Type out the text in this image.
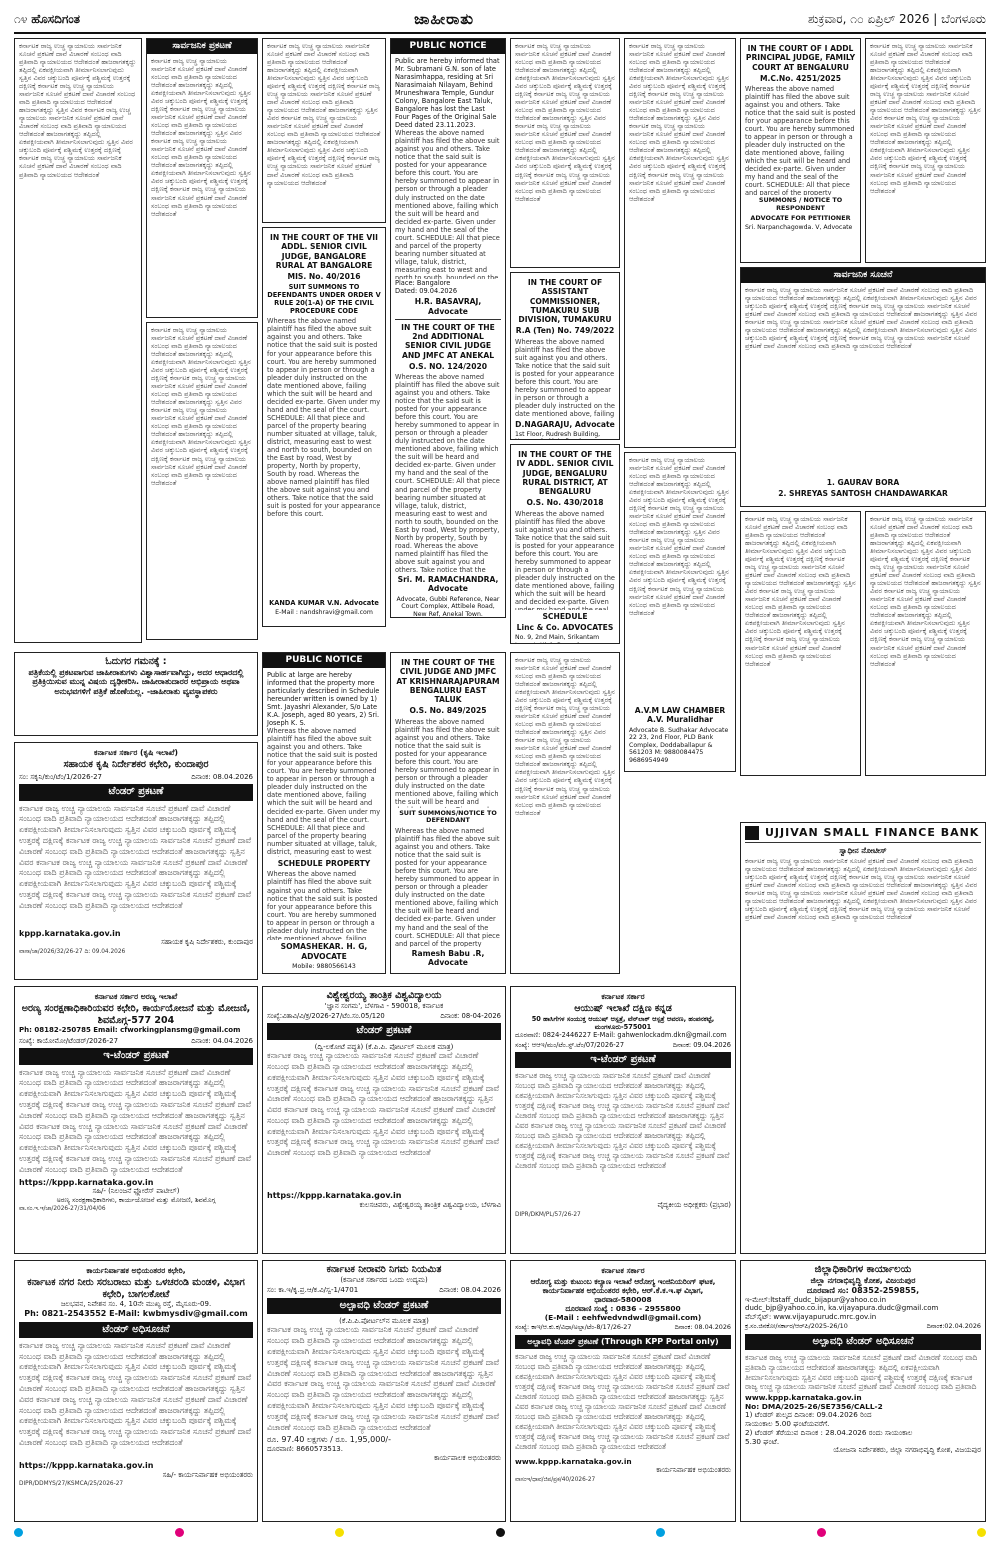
೧೪ ಹೊಸದಿಗಂತ	ಜಾಹೀರಾತು	ಶುಕ್ರವಾರ, ೧೦ ಏಪ್ರಿಲ್ 2026 | ಬೆಂಗಳೂರು
ಕರ್ನಾಟಕ ರಾಜ್ಯ ಉಚ್ಚ ನ್ಯಾಯಾಲಯ ಸಾರ್ವಜನಿಕ ಸೂಚನೆ ಪ್ರಕಟಣೆ ದಾವೆ ವಿಚಾರಣೆ ಸಂಬಂಧ ವಾದಿ ಪ್ರತಿವಾದಿ ನ್ಯಾಯಾಲಯದ ಆದೇಶದಂತೆ ಹಾಜರಾಗತಕ್ಕದ್ದು ತಪ್ಪಿದಲ್ಲಿ ಏಕಪಕ್ಷೀಯವಾಗಿ ತೀರ್ಮಾನಿಸಲಾಗುವುದು ಸ್ವತ್ತಿನ ವಿವರ ಚಕ್ಕುಬಂದಿ ಪೂರ್ವಕ್ಕೆ ಪಶ್ಚಿಮಕ್ಕೆ ಉತ್ತರಕ್ಕೆ ದಕ್ಷಿಣಕ್ಕೆ ಕರ್ನಾಟಕ ರಾಜ್ಯ ಉಚ್ಚ ನ್ಯಾಯಾಲಯ ಸಾರ್ವಜನಿಕ ಸೂಚನೆ ಪ್ರಕಟಣೆ ದಾವೆ ವಿಚಾರಣೆ ಸಂಬಂಧ ವಾದಿ ಪ್ರತಿವಾದಿ ನ್ಯಾಯಾಲಯದ ಆದೇಶದಂತೆ ಹಾಜರಾಗತಕ್ಕದ್ದು ಸ್ವತ್ತಿನ ವಿವರ ಕರ್ನಾಟಕ ರಾಜ್ಯ ಉಚ್ಚ ನ್ಯಾಯಾಲಯ ಸಾರ್ವಜನಿಕ ಸೂಚನೆ ಪ್ರಕಟಣೆ ದಾವೆ ವಿಚಾರಣೆ ಸಂಬಂಧ ವಾದಿ ಪ್ರತಿವಾದಿ ನ್ಯಾಯಾಲಯದ ಆದೇಶದಂತೆ ಹಾಜರಾಗತಕ್ಕದ್ದು ತಪ್ಪಿದಲ್ಲಿ ಏಕಪಕ್ಷೀಯವಾಗಿ ತೀರ್ಮಾನಿಸಲಾಗುವುದು ಸ್ವತ್ತಿನ ವಿವರ ಚಕ್ಕುಬಂದಿ ಪೂರ್ವಕ್ಕೆ ಪಶ್ಚಿಮಕ್ಕೆ ಉತ್ತರಕ್ಕೆ ದಕ್ಷಿಣಕ್ಕೆ ಕರ್ನಾಟಕ ರಾಜ್ಯ ಉಚ್ಚ ನ್ಯಾಯಾಲಯ ಸಾರ್ವಜನಿಕ ಸೂಚನೆ ಪ್ರಕಟಣೆ ದಾವೆ ವಿಚಾರಣೆ ಸಂಬಂಧ ವಾದಿ ಪ್ರತಿವಾದಿ ನ್ಯಾಯಾಲಯದ ಆದೇಶದಂತೆ
ಸಾರ್ವಜನಿಕ ಪ್ರಕಟಣೆ
ಕರ್ನಾಟಕ ರಾಜ್ಯ ಉಚ್ಚ ನ್ಯಾಯಾಲಯ ಸಾರ್ವಜನಿಕ ಸೂಚನೆ ಪ್ರಕಟಣೆ ದಾವೆ ವಿಚಾರಣೆ ಸಂಬಂಧ ವಾದಿ ಪ್ರತಿವಾದಿ ನ್ಯಾಯಾಲಯದ ಆದೇಶದಂತೆ ಹಾಜರಾಗತಕ್ಕದ್ದು ತಪ್ಪಿದಲ್ಲಿ ಏಕಪಕ್ಷೀಯವಾಗಿ ತೀರ್ಮಾನಿಸಲಾಗುವುದು ಸ್ವತ್ತಿನ ವಿವರ ಚಕ್ಕುಬಂದಿ ಪೂರ್ವಕ್ಕೆ ಪಶ್ಚಿಮಕ್ಕೆ ಉತ್ತರಕ್ಕೆ ದಕ್ಷಿಣಕ್ಕೆ ಕರ್ನಾಟಕ ರಾಜ್ಯ ಉಚ್ಚ ನ್ಯಾಯಾಲಯ ಸಾರ್ವಜನಿಕ ಸೂಚನೆ ಪ್ರಕಟಣೆ ದಾವೆ ವಿಚಾರಣೆ ಸಂಬಂಧ ವಾದಿ ಪ್ರತಿವಾದಿ ನ್ಯಾಯಾಲಯದ ಆದೇಶದಂತೆ ಹಾಜರಾಗತಕ್ಕದ್ದು ಸ್ವತ್ತಿನ ವಿವರ ಕರ್ನಾಟಕ ರಾಜ್ಯ ಉಚ್ಚ ನ್ಯಾಯಾಲಯ ಸಾರ್ವಜನಿಕ ಸೂಚನೆ ಪ್ರಕಟಣೆ ದಾವೆ ವಿಚಾರಣೆ ಸಂಬಂಧ ವಾದಿ ಪ್ರತಿವಾದಿ ನ್ಯಾಯಾಲಯದ ಆದೇಶದಂತೆ ಹಾಜರಾಗತಕ್ಕದ್ದು ತಪ್ಪಿದಲ್ಲಿ ಏಕಪಕ್ಷೀಯವಾಗಿ ತೀರ್ಮಾನಿಸಲಾಗುವುದು ಸ್ವತ್ತಿನ ವಿವರ ಚಕ್ಕುಬಂದಿ ಪೂರ್ವಕ್ಕೆ ಪಶ್ಚಿಮಕ್ಕೆ ಉತ್ತರಕ್ಕೆ ದಕ್ಷಿಣಕ್ಕೆ ಕರ್ನಾಟಕ ರಾಜ್ಯ ಉಚ್ಚ ನ್ಯಾಯಾಲಯ ಸಾರ್ವಜನಿಕ ಸೂಚನೆ ಪ್ರಕಟಣೆ ದಾವೆ ವಿಚಾರಣೆ ಸಂಬಂಧ ವಾದಿ ಪ್ರತಿವಾದಿ ನ್ಯಾಯಾಲಯದ ಆದೇಶದಂತೆ
ಕರ್ನಾಟಕ ರಾಜ್ಯ ಉಚ್ಚ ನ್ಯಾಯಾಲಯ ಸಾರ್ವಜನಿಕ ಸೂಚನೆ ಪ್ರಕಟಣೆ ದಾವೆ ವಿಚಾರಣೆ ಸಂಬಂಧ ವಾದಿ ಪ್ರತಿವಾದಿ ನ್ಯಾಯಾಲಯದ ಆದೇಶದಂತೆ ಹಾಜರಾಗತಕ್ಕದ್ದು ತಪ್ಪಿದಲ್ಲಿ ಏಕಪಕ್ಷೀಯವಾಗಿ ತೀರ್ಮಾನಿಸಲಾಗುವುದು ಸ್ವತ್ತಿನ ವಿವರ ಚಕ್ಕುಬಂದಿ ಪೂರ್ವಕ್ಕೆ ಪಶ್ಚಿಮಕ್ಕೆ ಉತ್ತರಕ್ಕೆ ದಕ್ಷಿಣಕ್ಕೆ ಕರ್ನಾಟಕ ರಾಜ್ಯ ಉಚ್ಚ ನ್ಯಾಯಾಲಯ ಸಾರ್ವಜನಿಕ ಸೂಚನೆ ಪ್ರಕಟಣೆ ದಾವೆ ವಿಚಾರಣೆ ಸಂಬಂಧ ವಾದಿ ಪ್ರತಿವಾದಿ ನ್ಯಾಯಾಲಯದ ಆದೇಶದಂತೆ ಹಾಜರಾಗತಕ್ಕದ್ದು ಸ್ವತ್ತಿನ ವಿವರ ಕರ್ನಾಟಕ ರಾಜ್ಯ ಉಚ್ಚ ನ್ಯಾಯಾಲಯ ಸಾರ್ವಜನಿಕ ಸೂಚನೆ ಪ್ರಕಟಣೆ ದಾವೆ ವಿಚಾರಣೆ ಸಂಬಂಧ ವಾದಿ ಪ್ರತಿವಾದಿ ನ್ಯಾಯಾಲಯದ ಆದೇಶದಂತೆ ಹಾಜರಾಗತಕ್ಕದ್ದು ತಪ್ಪಿದಲ್ಲಿ ಏಕಪಕ್ಷೀಯವಾಗಿ ತೀರ್ಮಾನಿಸಲಾಗುವುದು ಸ್ವತ್ತಿನ ವಿವರ ಚಕ್ಕುಬಂದಿ ಪೂರ್ವಕ್ಕೆ ಪಶ್ಚಿಮಕ್ಕೆ ಉತ್ತರಕ್ಕೆ ದಕ್ಷಿಣಕ್ಕೆ ಕರ್ನಾಟಕ ರಾಜ್ಯ ಉಚ್ಚ ನ್ಯಾಯಾಲಯ ಸಾರ್ವಜನಿಕ ಸೂಚನೆ ಪ್ರಕಟಣೆ ದಾವೆ ವಿಚಾರಣೆ ಸಂಬಂಧ ವಾದಿ ಪ್ರತಿವಾದಿ ನ್ಯಾಯಾಲಯದ ಆದೇಶದಂತೆ
ಕರ್ನಾಟಕ ರಾಜ್ಯ ಉಚ್ಚ ನ್ಯಾಯಾಲಯ ಸಾರ್ವಜನಿಕ ಸೂಚನೆ ಪ್ರಕಟಣೆ ದಾವೆ ವಿಚಾರಣೆ ಸಂಬಂಧ ವಾದಿ ಪ್ರತಿವಾದಿ ನ್ಯಾಯಾಲಯದ ಆದೇಶದಂತೆ ಹಾಜರಾಗತಕ್ಕದ್ದು ತಪ್ಪಿದಲ್ಲಿ ಏಕಪಕ್ಷೀಯವಾಗಿ ತೀರ್ಮಾನಿಸಲಾಗುವುದು ಸ್ವತ್ತಿನ ವಿವರ ಚಕ್ಕುಬಂದಿ ಪೂರ್ವಕ್ಕೆ ಪಶ್ಚಿಮಕ್ಕೆ ಉತ್ತರಕ್ಕೆ ದಕ್ಷಿಣಕ್ಕೆ ಕರ್ನಾಟಕ ರಾಜ್ಯ ಉಚ್ಚ ನ್ಯಾಯಾಲಯ ಸಾರ್ವಜನಿಕ ಸೂಚನೆ ಪ್ರಕಟಣೆ ದಾವೆ ವಿಚಾರಣೆ ಸಂಬಂಧ ವಾದಿ ಪ್ರತಿವಾದಿ ನ್ಯಾಯಾಲಯದ ಆದೇಶದಂತೆ ಹಾಜರಾಗತಕ್ಕದ್ದು ಸ್ವತ್ತಿನ ವಿವರ ಕರ್ನಾಟಕ ರಾಜ್ಯ ಉಚ್ಚ ನ್ಯಾಯಾಲಯ ಸಾರ್ವಜನಿಕ ಸೂಚನೆ ಪ್ರಕಟಣೆ ದಾವೆ ವಿಚಾರಣೆ ಸಂಬಂಧ ವಾದಿ ಪ್ರತಿವಾದಿ ನ್ಯಾಯಾಲಯದ ಆದೇಶದಂತೆ ಹಾಜರಾಗತಕ್ಕದ್ದು ತಪ್ಪಿದಲ್ಲಿ ಏಕಪಕ್ಷೀಯವಾಗಿ ತೀರ್ಮಾನಿಸಲಾಗುವುದು ಸ್ವತ್ತಿನ ವಿವರ ಚಕ್ಕುಬಂದಿ ಪೂರ್ವಕ್ಕೆ ಪಶ್ಚಿಮಕ್ಕೆ ಉತ್ತರಕ್ಕೆ ದಕ್ಷಿಣಕ್ಕೆ ಕರ್ನಾಟಕ ರಾಜ್ಯ ಉಚ್ಚ ನ್ಯಾಯಾಲಯ ಸಾರ್ವಜನಿಕ ಸೂಚನೆ ಪ್ರಕಟಣೆ ದಾವೆ ವಿಚಾರಣೆ ಸಂಬಂಧ ವಾದಿ ಪ್ರತಿವಾದಿ ನ್ಯಾಯಾಲಯದ ಆದೇಶದಂತೆ
IN THE COURT OF THE VII ADDL. SENIOR CIVIL JUDGE, BANGALORE RURAL AT BANGALORE
MIS. No. 40/2016
SUIT SUMMONS TO DEFENDANTS UNDER ORDER V RULE 20(1-A) OF THE CIVIL PROCEDURE CODE
Whereas the above named plaintiff has filed the above suit against you and others. Take notice that the said suit is posted for your appearance before this court. You are hereby summoned to appear in person or through a pleader duly instructed on the date mentioned above, failing which the suit will be heard and decided ex-parte. Given under my hand and the seal of the court. SCHEDULE: All that piece and parcel of the property bearing number situated at village, taluk, district, measuring east to west and north to south, bounded on the East by road, West by property, North by property, South by road. Whereas the above named plaintiff has filed the above suit against you and others. Take notice that the said suit is posted for your appearance before this court.
KANDA KUMAR V.N. Advocate
E-Mail : nandshravi@gmail.com
PUBLIC NOTICE
Public are hereby informed that Mr. Subramani G.N. son of late Narasimhappa, residing at Sri Narasimaiah Nilayam, Behind Mruneshwara Temple, Gundur Colony, Bangalore East Taluk, Bangalore has lost the Last Four Pages of the Original Sale Deed dated 23.11.2023.
Whereas the above named plaintiff has filed the above suit against you and others. Take notice that the said suit is posted for your appearance before this court. You are hereby summoned to appear in person or through a pleader duly instructed on the date mentioned above, failing which the suit will be heard and decided ex-parte. Given under my hand and the seal of the court. SCHEDULE: All that piece and parcel of the property bearing number situated at village, taluk, district, measuring east to west and north to south, bounded on the East by road, West by property, North by property, South by road. Whereas the above named plaintiff has filed the above suit against you and others. Take notice that the said suit is posted for your appearance before this court.
Place: Bangalore
Dated: 09.04.2026
H.R. BASAVRAJ, Advocate
IN THE COURT OF THE 2nd ADDITIONAL SENIOR CIVIL JUDGE AND JMFC AT ANEKAL
O.S. NO. 124/2020
Whereas the above named plaintiff has filed the above suit against you and others. Take notice that the said suit is posted for your appearance before this court. You are hereby summoned to appear in person or through a pleader duly instructed on the date mentioned above, failing which the suit will be heard and decided ex-parte. Given under my hand and the seal of the court. SCHEDULE: All that piece and parcel of the property bearing number situated at village, taluk, district, measuring east to west and north to south, bounded on the East by road, West by property, North by property, South by road. Whereas the above named plaintiff has filed the above suit against you and others. Take notice that the said suit is posted for your appearance before this court.
Sri. M. RAMACHANDRA, Advocate
Advocate, Gubbi Reference, Near Court Complex, Attibele Road, New Ref, Anekal Town.
ಕರ್ನಾಟಕ ರಾಜ್ಯ ಉಚ್ಚ ನ್ಯಾಯಾಲಯ ಸಾರ್ವಜನಿಕ ಸೂಚನೆ ಪ್ರಕಟಣೆ ದಾವೆ ವಿಚಾರಣೆ ಸಂಬಂಧ ವಾದಿ ಪ್ರತಿವಾದಿ ನ್ಯಾಯಾಲಯದ ಆದೇಶದಂತೆ ಹಾಜರಾಗತಕ್ಕದ್ದು ತಪ್ಪಿದಲ್ಲಿ ಏಕಪಕ್ಷೀಯವಾಗಿ ತೀರ್ಮಾನಿಸಲಾಗುವುದು ಸ್ವತ್ತಿನ ವಿವರ ಚಕ್ಕುಬಂದಿ ಪೂರ್ವಕ್ಕೆ ಪಶ್ಚಿಮಕ್ಕೆ ಉತ್ತರಕ್ಕೆ ದಕ್ಷಿಣಕ್ಕೆ ಕರ್ನಾಟಕ ರಾಜ್ಯ ಉಚ್ಚ ನ್ಯಾಯಾಲಯ ಸಾರ್ವಜನಿಕ ಸೂಚನೆ ಪ್ರಕಟಣೆ ದಾವೆ ವಿಚಾರಣೆ ಸಂಬಂಧ ವಾದಿ ಪ್ರತಿವಾದಿ ನ್ಯಾಯಾಲಯದ ಆದೇಶದಂತೆ ಹಾಜರಾಗತಕ್ಕದ್ದು ಸ್ವತ್ತಿನ ವಿವರ ಕರ್ನಾಟಕ ರಾಜ್ಯ ಉಚ್ಚ ನ್ಯಾಯಾಲಯ ಸಾರ್ವಜನಿಕ ಸೂಚನೆ ಪ್ರಕಟಣೆ ದಾವೆ ವಿಚಾರಣೆ ಸಂಬಂಧ ವಾದಿ ಪ್ರತಿವಾದಿ ನ್ಯಾಯಾಲಯದ ಆದೇಶದಂತೆ ಹಾಜರಾಗತಕ್ಕದ್ದು ತಪ್ಪಿದಲ್ಲಿ ಏಕಪಕ್ಷೀಯವಾಗಿ ತೀರ್ಮಾನಿಸಲಾಗುವುದು ಸ್ವತ್ತಿನ ವಿವರ ಚಕ್ಕುಬಂದಿ ಪೂರ್ವಕ್ಕೆ ಪಶ್ಚಿಮಕ್ಕೆ ಉತ್ತರಕ್ಕೆ ದಕ್ಷಿಣಕ್ಕೆ ಕರ್ನಾಟಕ ರಾಜ್ಯ ಉಚ್ಚ ನ್ಯಾಯಾಲಯ ಸಾರ್ವಜನಿಕ ಸೂಚನೆ ಪ್ರಕಟಣೆ ದಾವೆ ವಿಚಾರಣೆ ಸಂಬಂಧ ವಾದಿ ಪ್ರತಿವಾದಿ ನ್ಯಾಯಾಲಯದ ಆದೇಶದಂತೆ
IN THE COURT OF ASSISTANT COMMISSIONER, TUMAKURU SUB DIVISION, TUMAKURU
R.A (Ten) No. 749/2022
Whereas the above named plaintiff has filed the above suit against you and others. Take notice that the said suit is posted for your appearance before this court. You are hereby summoned to appear in person or through a pleader duly instructed on the date mentioned above, failing which the suit will be heard and decided ex-parte. Given under my hand and the seal of the court. SCHEDULE: All that piece and parcel of the property bearing number situated at village, taluk, district, measuring east to west and north to south, bounded on the East by road, West by property, North by property, South by road. Whereas the above named plaintiff has filed the above suit against you and others. Take notice that the said suit is posted for your appearance before this court.
D.NAGARAJU, Advocate
1st Floor, Rudresh Building,
IN THE COURT OF THE IV ADDL. SENIOR CIVIL JUDGE, BENGALURU RURAL DISTRICT, AT BENGALURU
O.S. No. 430/2018
Whereas the above named plaintiff has filed the above suit against you and others. Take notice that the said suit is posted for your appearance before this court. You are hereby summoned to appear in person or through a pleader duly instructed on the date mentioned above, failing which the suit will be heard and decided ex-parte. Given under my hand and the seal of the court. SCHEDULE: All that piece and parcel of the property bearing number situated at village, taluk, district, measuring east to west and north to south, bounded on the East by road, West by property, North by property, South by road. Whereas the above named plaintiff has filed the above suit against you and others. Take notice that the said suit is posted for your appearance before this court.
SCHEDULE
Linc & Co. ADVOCATES
No. 9, 2nd Main, Srikantam
ಕರ್ನಾಟಕ ರಾಜ್ಯ ಉಚ್ಚ ನ್ಯಾಯಾಲಯ ಸಾರ್ವಜನಿಕ ಸೂಚನೆ ಪ್ರಕಟಣೆ ದಾವೆ ವಿಚಾರಣೆ ಸಂಬಂಧ ವಾದಿ ಪ್ರತಿವಾದಿ ನ್ಯಾಯಾಲಯದ ಆದೇಶದಂತೆ ಹಾಜರಾಗತಕ್ಕದ್ದು ತಪ್ಪಿದಲ್ಲಿ ಏಕಪಕ್ಷೀಯವಾಗಿ ತೀರ್ಮಾನಿಸಲಾಗುವುದು ಸ್ವತ್ತಿನ ವಿವರ ಚಕ್ಕುಬಂದಿ ಪೂರ್ವಕ್ಕೆ ಪಶ್ಚಿಮಕ್ಕೆ ಉತ್ತರಕ್ಕೆ ದಕ್ಷಿಣಕ್ಕೆ ಕರ್ನಾಟಕ ರಾಜ್ಯ ಉಚ್ಚ ನ್ಯಾಯಾಲಯ ಸಾರ್ವಜನಿಕ ಸೂಚನೆ ಪ್ರಕಟಣೆ ದಾವೆ ವಿಚಾರಣೆ ಸಂಬಂಧ ವಾದಿ ಪ್ರತಿವಾದಿ ನ್ಯಾಯಾಲಯದ ಆದೇಶದಂತೆ ಹಾಜರಾಗತಕ್ಕದ್ದು ಸ್ವತ್ತಿನ ವಿವರ ಕರ್ನಾಟಕ ರಾಜ್ಯ ಉಚ್ಚ ನ್ಯಾಯಾಲಯ ಸಾರ್ವಜನಿಕ ಸೂಚನೆ ಪ್ರಕಟಣೆ ದಾವೆ ವಿಚಾರಣೆ ಸಂಬಂಧ ವಾದಿ ಪ್ರತಿವಾದಿ ನ್ಯಾಯಾಲಯದ ಆದೇಶದಂತೆ ಹಾಜರಾಗತಕ್ಕದ್ದು ತಪ್ಪಿದಲ್ಲಿ ಏಕಪಕ್ಷೀಯವಾಗಿ ತೀರ್ಮಾನಿಸಲಾಗುವುದು ಸ್ವತ್ತಿನ ವಿವರ ಚಕ್ಕುಬಂದಿ ಪೂರ್ವಕ್ಕೆ ಪಶ್ಚಿಮಕ್ಕೆ ಉತ್ತರಕ್ಕೆ ದಕ್ಷಿಣಕ್ಕೆ ಕರ್ನಾಟಕ ರಾಜ್ಯ ಉಚ್ಚ ನ್ಯಾಯಾಲಯ ಸಾರ್ವಜನಿಕ ಸೂಚನೆ ಪ್ರಕಟಣೆ ದಾವೆ ವಿಚಾರಣೆ ಸಂಬಂಧ ವಾದಿ ಪ್ರತಿವಾದಿ ನ್ಯಾಯಾಲಯದ ಆದೇಶದಂತೆ
ಕರ್ನಾಟಕ ರಾಜ್ಯ ಉಚ್ಚ ನ್ಯಾಯಾಲಯ ಸಾರ್ವಜನಿಕ ಸೂಚನೆ ಪ್ರಕಟಣೆ ದಾವೆ ವಿಚಾರಣೆ ಸಂಬಂಧ ವಾದಿ ಪ್ರತಿವಾದಿ ನ್ಯಾಯಾಲಯದ ಆದೇಶದಂತೆ ಹಾಜರಾಗತಕ್ಕದ್ದು ತಪ್ಪಿದಲ್ಲಿ ಏಕಪಕ್ಷೀಯವಾಗಿ ತೀರ್ಮಾನಿಸಲಾಗುವುದು ಸ್ವತ್ತಿನ ವಿವರ ಚಕ್ಕುಬಂದಿ ಪೂರ್ವಕ್ಕೆ ಪಶ್ಚಿಮಕ್ಕೆ ಉತ್ತರಕ್ಕೆ ದಕ್ಷಿಣಕ್ಕೆ ಕರ್ನಾಟಕ ರಾಜ್ಯ ಉಚ್ಚ ನ್ಯಾಯಾಲಯ ಸಾರ್ವಜನಿಕ ಸೂಚನೆ ಪ್ರಕಟಣೆ ದಾವೆ ವಿಚಾರಣೆ ಸಂಬಂಧ ವಾದಿ ಪ್ರತಿವಾದಿ ನ್ಯಾಯಾಲಯದ ಆದೇಶದಂತೆ ಹಾಜರಾಗತಕ್ಕದ್ದು ಸ್ವತ್ತಿನ ವಿವರ ಕರ್ನಾಟಕ ರಾಜ್ಯ ಉಚ್ಚ ನ್ಯಾಯಾಲಯ ಸಾರ್ವಜನಿಕ ಸೂಚನೆ ಪ್ರಕಟಣೆ ದಾವೆ ವಿಚಾರಣೆ ಸಂಬಂಧ ವಾದಿ ಪ್ರತಿವಾದಿ ನ್ಯಾಯಾಲಯದ ಆದೇಶದಂತೆ ಹಾಜರಾಗತಕ್ಕದ್ದು ತಪ್ಪಿದಲ್ಲಿ ಏಕಪಕ್ಷೀಯವಾಗಿ ತೀರ್ಮಾನಿಸಲಾಗುವುದು ಸ್ವತ್ತಿನ ವಿವರ ಚಕ್ಕುಬಂದಿ ಪೂರ್ವಕ್ಕೆ ಪಶ್ಚಿಮಕ್ಕೆ ಉತ್ತರಕ್ಕೆ ದಕ್ಷಿಣಕ್ಕೆ ಕರ್ನಾಟಕ ರಾಜ್ಯ ಉಚ್ಚ ನ್ಯಾಯಾಲಯ ಸಾರ್ವಜನಿಕ ಸೂಚನೆ ಪ್ರಕಟಣೆ ದಾವೆ ವಿಚಾರಣೆ ಸಂಬಂಧ ವಾದಿ ಪ್ರತಿವಾದಿ ನ್ಯಾಯಾಲಯದ ಆದೇಶದಂತೆ
A.V.M LAW CHAMBER A.V. Muralidhar
Advocate B. Sudhakar Advocate 22 23, 2nd Floor, PLD Bank Complex, Doddaballapur & 561203 M: 9880084475 9686954949
IN THE COURT OF I ADDL PRINCIPAL JUDGE, FAMILY COURT AT BENGALURU
M.C.No. 4251/2025
Whereas the above named plaintiff has filed the above suit against you and others. Take notice that the said suit is posted for your appearance before this court. You are hereby summoned to appear in person or through a pleader duly instructed on the date mentioned above, failing which the suit will be heard and decided ex-parte. Given under my hand and the seal of the court. SCHEDULE: All that piece and parcel of the property bearing number situated at village, taluk, district, measuring east to west and north to south, bounded on the East by road, West by property, North by property, South by road. Whereas the above named plaintiff has filed the above suit against you and others. Take notice that the said suit is posted for your appearance before this court.
SUMMONS / NOTICE TO RESPONDENT
ADVOCATE FOR PETITIONER
Sri. Narpanchagowda. V, Advocate
ಕರ್ನಾಟಕ ರಾಜ್ಯ ಉಚ್ಚ ನ್ಯಾಯಾಲಯ ಸಾರ್ವಜನಿಕ ಸೂಚನೆ ಪ್ರಕಟಣೆ ದಾವೆ ವಿಚಾರಣೆ ಸಂಬಂಧ ವಾದಿ ಪ್ರತಿವಾದಿ ನ್ಯಾಯಾಲಯದ ಆದೇಶದಂತೆ ಹಾಜರಾಗತಕ್ಕದ್ದು ತಪ್ಪಿದಲ್ಲಿ ಏಕಪಕ್ಷೀಯವಾಗಿ ತೀರ್ಮಾನಿಸಲಾಗುವುದು ಸ್ವತ್ತಿನ ವಿವರ ಚಕ್ಕುಬಂದಿ ಪೂರ್ವಕ್ಕೆ ಪಶ್ಚಿಮಕ್ಕೆ ಉತ್ತರಕ್ಕೆ ದಕ್ಷಿಣಕ್ಕೆ ಕರ್ನಾಟಕ ರಾಜ್ಯ ಉಚ್ಚ ನ್ಯಾಯಾಲಯ ಸಾರ್ವಜನಿಕ ಸೂಚನೆ ಪ್ರಕಟಣೆ ದಾವೆ ವಿಚಾರಣೆ ಸಂಬಂಧ ವಾದಿ ಪ್ರತಿವಾದಿ ನ್ಯಾಯಾಲಯದ ಆದೇಶದಂತೆ ಹಾಜರಾಗತಕ್ಕದ್ದು ಸ್ವತ್ತಿನ ವಿವರ ಕರ್ನಾಟಕ ರಾಜ್ಯ ಉಚ್ಚ ನ್ಯಾಯಾಲಯ ಸಾರ್ವಜನಿಕ ಸೂಚನೆ ಪ್ರಕಟಣೆ ದಾವೆ ವಿಚಾರಣೆ ಸಂಬಂಧ ವಾದಿ ಪ್ರತಿವಾದಿ ನ್ಯಾಯಾಲಯದ ಆದೇಶದಂತೆ ಹಾಜರಾಗತಕ್ಕದ್ದು ತಪ್ಪಿದಲ್ಲಿ ಏಕಪಕ್ಷೀಯವಾಗಿ ತೀರ್ಮಾನಿಸಲಾಗುವುದು ಸ್ವತ್ತಿನ ವಿವರ ಚಕ್ಕುಬಂದಿ ಪೂರ್ವಕ್ಕೆ ಪಶ್ಚಿಮಕ್ಕೆ ಉತ್ತರಕ್ಕೆ ದಕ್ಷಿಣಕ್ಕೆ ಕರ್ನಾಟಕ ರಾಜ್ಯ ಉಚ್ಚ ನ್ಯಾಯಾಲಯ ಸಾರ್ವಜನಿಕ ಸೂಚನೆ ಪ್ರಕಟಣೆ ದಾವೆ ವಿಚಾರಣೆ ಸಂಬಂಧ ವಾದಿ ಪ್ರತಿವಾದಿ ನ್ಯಾಯಾಲಯದ ಆದೇಶದಂತೆ
ಸಾರ್ವಜನಿಕ ಸೂಚನೆ
ಕರ್ನಾಟಕ ರಾಜ್ಯ ಉಚ್ಚ ನ್ಯಾಯಾಲಯ ಸಾರ್ವಜನಿಕ ಸೂಚನೆ ಪ್ರಕಟಣೆ ದಾವೆ ವಿಚಾರಣೆ ಸಂಬಂಧ ವಾದಿ ಪ್ರತಿವಾದಿ ನ್ಯಾಯಾಲಯದ ಆದೇಶದಂತೆ ಹಾಜರಾಗತಕ್ಕದ್ದು ತಪ್ಪಿದಲ್ಲಿ ಏಕಪಕ್ಷೀಯವಾಗಿ ತೀರ್ಮಾನಿಸಲಾಗುವುದು ಸ್ವತ್ತಿನ ವಿವರ ಚಕ್ಕುಬಂದಿ ಪೂರ್ವಕ್ಕೆ ಪಶ್ಚಿಮಕ್ಕೆ ಉತ್ತರಕ್ಕೆ ದಕ್ಷಿಣಕ್ಕೆ ಕರ್ನಾಟಕ ರಾಜ್ಯ ಉಚ್ಚ ನ್ಯಾಯಾಲಯ ಸಾರ್ವಜನಿಕ ಸೂಚನೆ ಪ್ರಕಟಣೆ ದಾವೆ ವಿಚಾರಣೆ ಸಂಬಂಧ ವಾದಿ ಪ್ರತಿವಾದಿ ನ್ಯಾಯಾಲಯದ ಆದೇಶದಂತೆ ಹಾಜರಾಗತಕ್ಕದ್ದು ಸ್ವತ್ತಿನ ವಿವರ ಕರ್ನಾಟಕ ರಾಜ್ಯ ಉಚ್ಚ ನ್ಯಾಯಾಲಯ ಸಾರ್ವಜನಿಕ ಸೂಚನೆ ಪ್ರಕಟಣೆ ದಾವೆ ವಿಚಾರಣೆ ಸಂಬಂಧ ವಾದಿ ಪ್ರತಿವಾದಿ ನ್ಯಾಯಾಲಯದ ಆದೇಶದಂತೆ ಹಾಜರಾಗತಕ್ಕದ್ದು ತಪ್ಪಿದಲ್ಲಿ ಏಕಪಕ್ಷೀಯವಾಗಿ ತೀರ್ಮಾನಿಸಲಾಗುವುದು ಸ್ವತ್ತಿನ ವಿವರ ಚಕ್ಕುಬಂದಿ ಪೂರ್ವಕ್ಕೆ ಪಶ್ಚಿಮಕ್ಕೆ ಉತ್ತರಕ್ಕೆ ದಕ್ಷಿಣಕ್ಕೆ ಕರ್ನಾಟಕ ರಾಜ್ಯ ಉಚ್ಚ ನ್ಯಾಯಾಲಯ ಸಾರ್ವಜನಿಕ ಸೂಚನೆ ಪ್ರಕಟಣೆ ದಾವೆ ವಿಚಾರಣೆ ಸಂಬಂಧ ವಾದಿ ಪ್ರತಿವಾದಿ ನ್ಯಾಯಾಲಯದ ಆದೇಶದಂತೆ
1. GAURAV BORA
2. SHREYAS SANTOSH CHANDAWARKAR
ಕರ್ನಾಟಕ ರಾಜ್ಯ ಉಚ್ಚ ನ್ಯಾಯಾಲಯ ಸಾರ್ವಜನಿಕ ಸೂಚನೆ ಪ್ರಕಟಣೆ ದಾವೆ ವಿಚಾರಣೆ ಸಂಬಂಧ ವಾದಿ ಪ್ರತಿವಾದಿ ನ್ಯಾಯಾಲಯದ ಆದೇಶದಂತೆ ಹಾಜರಾಗತಕ್ಕದ್ದು ತಪ್ಪಿದಲ್ಲಿ ಏಕಪಕ್ಷೀಯವಾಗಿ ತೀರ್ಮಾನಿಸಲಾಗುವುದು ಸ್ವತ್ತಿನ ವಿವರ ಚಕ್ಕುಬಂದಿ ಪೂರ್ವಕ್ಕೆ ಪಶ್ಚಿಮಕ್ಕೆ ಉತ್ತರಕ್ಕೆ ದಕ್ಷಿಣಕ್ಕೆ ಕರ್ನಾಟಕ ರಾಜ್ಯ ಉಚ್ಚ ನ್ಯಾಯಾಲಯ ಸಾರ್ವಜನಿಕ ಸೂಚನೆ ಪ್ರಕಟಣೆ ದಾವೆ ವಿಚಾರಣೆ ಸಂಬಂಧ ವಾದಿ ಪ್ರತಿವಾದಿ ನ್ಯಾಯಾಲಯದ ಆದೇಶದಂತೆ ಹಾಜರಾಗತಕ್ಕದ್ದು ಸ್ವತ್ತಿನ ವಿವರ ಕರ್ನಾಟಕ ರಾಜ್ಯ ಉಚ್ಚ ನ್ಯಾಯಾಲಯ ಸಾರ್ವಜನಿಕ ಸೂಚನೆ ಪ್ರಕಟಣೆ ದಾವೆ ವಿಚಾರಣೆ ಸಂಬಂಧ ವಾದಿ ಪ್ರತಿವಾದಿ ನ್ಯಾಯಾಲಯದ ಆದೇಶದಂತೆ ಹಾಜರಾಗತಕ್ಕದ್ದು ತಪ್ಪಿದಲ್ಲಿ ಏಕಪಕ್ಷೀಯವಾಗಿ ತೀರ್ಮಾನಿಸಲಾಗುವುದು ಸ್ವತ್ತಿನ ವಿವರ ಚಕ್ಕುಬಂದಿ ಪೂರ್ವಕ್ಕೆ ಪಶ್ಚಿಮಕ್ಕೆ ಉತ್ತರಕ್ಕೆ ದಕ್ಷಿಣಕ್ಕೆ ಕರ್ನಾಟಕ ರಾಜ್ಯ ಉಚ್ಚ ನ್ಯಾಯಾಲಯ ಸಾರ್ವಜನಿಕ ಸೂಚನೆ ಪ್ರಕಟಣೆ ದಾವೆ ವಿಚಾರಣೆ ಸಂಬಂಧ ವಾದಿ ಪ್ರತಿವಾದಿ ನ್ಯಾಯಾಲಯದ ಆದೇಶದಂತೆ
ಕರ್ನಾಟಕ ರಾಜ್ಯ ಉಚ್ಚ ನ್ಯಾಯಾಲಯ ಸಾರ್ವಜನಿಕ ಸೂಚನೆ ಪ್ರಕಟಣೆ ದಾವೆ ವಿಚಾರಣೆ ಸಂಬಂಧ ವಾದಿ ಪ್ರತಿವಾದಿ ನ್ಯಾಯಾಲಯದ ಆದೇಶದಂತೆ ಹಾಜರಾಗತಕ್ಕದ್ದು ತಪ್ಪಿದಲ್ಲಿ ಏಕಪಕ್ಷೀಯವಾಗಿ ತೀರ್ಮಾನಿಸಲಾಗುವುದು ಸ್ವತ್ತಿನ ವಿವರ ಚಕ್ಕುಬಂದಿ ಪೂರ್ವಕ್ಕೆ ಪಶ್ಚಿಮಕ್ಕೆ ಉತ್ತರಕ್ಕೆ ದಕ್ಷಿಣಕ್ಕೆ ಕರ್ನಾಟಕ ರಾಜ್ಯ ಉಚ್ಚ ನ್ಯಾಯಾಲಯ ಸಾರ್ವಜನಿಕ ಸೂಚನೆ ಪ್ರಕಟಣೆ ದಾವೆ ವಿಚಾರಣೆ ಸಂಬಂಧ ವಾದಿ ಪ್ರತಿವಾದಿ ನ್ಯಾಯಾಲಯದ ಆದೇಶದಂತೆ ಹಾಜರಾಗತಕ್ಕದ್ದು ಸ್ವತ್ತಿನ ವಿವರ ಕರ್ನಾಟಕ ರಾಜ್ಯ ಉಚ್ಚ ನ್ಯಾಯಾಲಯ ಸಾರ್ವಜನಿಕ ಸೂಚನೆ ಪ್ರಕಟಣೆ ದಾವೆ ವಿಚಾರಣೆ ಸಂಬಂಧ ವಾದಿ ಪ್ರತಿವಾದಿ ನ್ಯಾಯಾಲಯದ ಆದೇಶದಂತೆ ಹಾಜರಾಗತಕ್ಕದ್ದು ತಪ್ಪಿದಲ್ಲಿ ಏಕಪಕ್ಷೀಯವಾಗಿ ತೀರ್ಮಾನಿಸಲಾಗುವುದು ಸ್ವತ್ತಿನ ವಿವರ ಚಕ್ಕುಬಂದಿ ಪೂರ್ವಕ್ಕೆ ಪಶ್ಚಿಮಕ್ಕೆ ಉತ್ತರಕ್ಕೆ ದಕ್ಷಿಣಕ್ಕೆ ಕರ್ನಾಟಕ ರಾಜ್ಯ ಉಚ್ಚ ನ್ಯಾಯಾಲಯ ಸಾರ್ವಜನಿಕ ಸೂಚನೆ ಪ್ರಕಟಣೆ ದಾವೆ ವಿಚಾರಣೆ ಸಂಬಂಧ ವಾದಿ ಪ್ರತಿವಾದಿ ನ್ಯಾಯಾಲಯದ ಆದೇಶದಂತೆ
PUBLIC NOTICE
Public at large are hereby informed that the property more particularly described in Schedule hereunder written is owned by 1) Smt. Jayashri Alexander, S/o Late K.A. Joseph, aged 80 years, 2) Sri. Joseph K. S.
Whereas the above named plaintiff has filed the above suit against you and others. Take notice that the said suit is posted for your appearance before this court. You are hereby summoned to appear in person or through a pleader duly instructed on the date mentioned above, failing which the suit will be heard and decided ex-parte. Given under my hand and the seal of the court. SCHEDULE: All that piece and parcel of the property bearing number situated at village, taluk, district, measuring east to west and north to south, bounded on the East by road, West by property, North by property, South by road. Whereas the above named plaintiff has filed the above suit against you and others. Take notice that the said suit is posted for your appearance before this court.
SCHEDULE PROPERTY
Whereas the above named plaintiff has filed the above suit against you and others. Take notice that the said suit is posted for your appearance before this court. You are hereby summoned to appear in person or through a pleader duly instructed on the date mentioned above, failing which the suit will be heard and decided ex-parte. Given under my hand and the seal of the court. SCHEDULE: All that piece and parcel of the property bearing number situated at village, taluk, district, measuring east to west and north to south, bounded on the East by road, West by property, North by property, South by road. Whereas the above named plaintiff has filed the above suit against you and others. Take notice that the said suit is posted for your appearance before this court.
SOMASHEKAR. H. G, ADVOCATE
Mobile: 9880566143
IN THE COURT OF THE CIVIL JUDGE AND JMFC AT KRISHNARAJAPURAM BENGALURU EAST TALUK
O.S. No. 849/2025
Whereas the above named plaintiff has filed the above suit against you and others. Take notice that the said suit is posted for your appearance before this court. You are hereby summoned to appear in person or through a pleader duly instructed on the date mentioned above, failing which the suit will be heard and decided ex-parte. Given under my hand and the seal of the court. SCHEDULE: All that piece and parcel of the property bearing number situated at village, taluk, district, measuring east to west and north to south, bounded on the East by road, West by property, North by property, South by road. Whereas the above named plaintiff has filed the above suit against you and others. Take notice that the said suit is posted for your appearance before this court.
SUIT SUMMONS/NOTICE TO DEFENDANT
Whereas the above named plaintiff has filed the above suit against you and others. Take notice that the said suit is posted for your appearance before this court. You are hereby summoned to appear in person or through a pleader duly instructed on the date mentioned above, failing which the suit will be heard and decided ex-parte. Given under my hand and the seal of the court. SCHEDULE: All that piece and parcel of the property bearing number situated at village, taluk, district, measuring east to west and north to south, bounded on the East by road, West by property, North by property, South by road. Whereas the above named plaintiff has filed the above suit against you and others. Take notice that the said suit is posted for your appearance before this court.
Ramesh Babu .R, Advocate
ಕರ್ನಾಟಕ ರಾಜ್ಯ ಉಚ್ಚ ನ್ಯಾಯಾಲಯ ಸಾರ್ವಜನಿಕ ಸೂಚನೆ ಪ್ರಕಟಣೆ ದಾವೆ ವಿಚಾರಣೆ ಸಂಬಂಧ ವಾದಿ ಪ್ರತಿವಾದಿ ನ್ಯಾಯಾಲಯದ ಆದೇಶದಂತೆ ಹಾಜರಾಗತಕ್ಕದ್ದು ತಪ್ಪಿದಲ್ಲಿ ಏಕಪಕ್ಷೀಯವಾಗಿ ತೀರ್ಮಾನಿಸಲಾಗುವುದು ಸ್ವತ್ತಿನ ವಿವರ ಚಕ್ಕುಬಂದಿ ಪೂರ್ವಕ್ಕೆ ಪಶ್ಚಿಮಕ್ಕೆ ಉತ್ತರಕ್ಕೆ ದಕ್ಷಿಣಕ್ಕೆ ಕರ್ನಾಟಕ ರಾಜ್ಯ ಉಚ್ಚ ನ್ಯಾಯಾಲಯ ಸಾರ್ವಜನಿಕ ಸೂಚನೆ ಪ್ರಕಟಣೆ ದಾವೆ ವಿಚಾರಣೆ ಸಂಬಂಧ ವಾದಿ ಪ್ರತಿವಾದಿ ನ್ಯಾಯಾಲಯದ ಆದೇಶದಂತೆ ಹಾಜರಾಗತಕ್ಕದ್ದು ಸ್ವತ್ತಿನ ವಿವರ ಕರ್ನಾಟಕ ರಾಜ್ಯ ಉಚ್ಚ ನ್ಯಾಯಾಲಯ ಸಾರ್ವಜನಿಕ ಸೂಚನೆ ಪ್ರಕಟಣೆ ದಾವೆ ವಿಚಾರಣೆ ಸಂಬಂಧ ವಾದಿ ಪ್ರತಿವಾದಿ ನ್ಯಾಯಾಲಯದ ಆದೇಶದಂತೆ ಹಾಜರಾಗತಕ್ಕದ್ದು ತಪ್ಪಿದಲ್ಲಿ ಏಕಪಕ್ಷೀಯವಾಗಿ ತೀರ್ಮಾನಿಸಲಾಗುವುದು ಸ್ವತ್ತಿನ ವಿವರ ಚಕ್ಕುಬಂದಿ ಪೂರ್ವಕ್ಕೆ ಪಶ್ಚಿಮಕ್ಕೆ ಉತ್ತರಕ್ಕೆ ದಕ್ಷಿಣಕ್ಕೆ ಕರ್ನಾಟಕ ರಾಜ್ಯ ಉಚ್ಚ ನ್ಯಾಯಾಲಯ ಸಾರ್ವಜನಿಕ ಸೂಚನೆ ಪ್ರಕಟಣೆ ದಾವೆ ವಿಚಾರಣೆ ಸಂಬಂಧ ವಾದಿ ಪ್ರತಿವಾದಿ ನ್ಯಾಯಾಲಯದ ಆದೇಶದಂತೆ
ಓದುಗರ ಗಮನಕ್ಕೆ :
ಪತ್ರಿಕೆಯಲ್ಲಿ ಪ್ರಕಟವಾಗುವ ಜಾಹೀರಾತುಗಳು ವಿಶ್ವಾಸಾರ್ಹವಾಗಿದ್ದು, ಅದರ ಆಧಾರದಲ್ಲಿ ಪ್ರತಿಕ್ರಿಯಿಸುವ ಮುನ್ನ ವಿಷಯ ದೃಢೀಕರಿಸಿ. ಜಾಹೀರಾತುದಾರರ ಅಭಿಪ್ರಾಯ ಅಥವಾ ಅನುಭವಗಳಿಗೆ ಪತ್ರಿಕೆ ಹೊಣೆಯಲ್ಲ. -ಜಾಹೀರಾತು ವ್ಯವಸ್ಥಾಪಕರು
ಕರ್ನಾಟಕ ಸರ್ಕಾರ (ಕೃಷಿ ಇಲಾಖೆ)
ಸಹಾಯಕ ಕೃಷಿ ನಿರ್ದೇಶಕರ ಕಛೇರಿ, ಕುಂದಾಪುರ
ಸಂ: ಸಕೃನಿ/ಕುಂ/ಟೆಂ/1/2026-27	ದಿನಾಂಕ: 08.04.2026
ಟೆಂಡರ್ ಪ್ರಕಟಣೆ
ಕರ್ನಾಟಕ ರಾಜ್ಯ ಉಚ್ಚ ನ್ಯಾಯಾಲಯ ಸಾರ್ವಜನಿಕ ಸೂಚನೆ ಪ್ರಕಟಣೆ ದಾವೆ ವಿಚಾರಣೆ ಸಂಬಂಧ ವಾದಿ ಪ್ರತಿವಾದಿ ನ್ಯಾಯಾಲಯದ ಆದೇಶದಂತೆ ಹಾಜರಾಗತಕ್ಕದ್ದು ತಪ್ಪಿದಲ್ಲಿ ಏಕಪಕ್ಷೀಯವಾಗಿ ತೀರ್ಮಾನಿಸಲಾಗುವುದು ಸ್ವತ್ತಿನ ವಿವರ ಚಕ್ಕುಬಂದಿ ಪೂರ್ವಕ್ಕೆ ಪಶ್ಚಿಮಕ್ಕೆ ಉತ್ತರಕ್ಕೆ ದಕ್ಷಿಣಕ್ಕೆ ಕರ್ನಾಟಕ ರಾಜ್ಯ ಉಚ್ಚ ನ್ಯಾಯಾಲಯ ಸಾರ್ವಜನಿಕ ಸೂಚನೆ ಪ್ರಕಟಣೆ ದಾವೆ ವಿಚಾರಣೆ ಸಂಬಂಧ ವಾದಿ ಪ್ರತಿವಾದಿ ನ್ಯಾಯಾಲಯದ ಆದೇಶದಂತೆ ಹಾಜರಾಗತಕ್ಕದ್ದು ಸ್ವತ್ತಿನ ವಿವರ ಕರ್ನಾಟಕ ರಾಜ್ಯ ಉಚ್ಚ ನ್ಯಾಯಾಲಯ ಸಾರ್ವಜನಿಕ ಸೂಚನೆ ಪ್ರಕಟಣೆ ದಾವೆ ವಿಚಾರಣೆ ಸಂಬಂಧ ವಾದಿ ಪ್ರತಿವಾದಿ ನ್ಯಾಯಾಲಯದ ಆದೇಶದಂತೆ ಹಾಜರಾಗತಕ್ಕದ್ದು ತಪ್ಪಿದಲ್ಲಿ ಏಕಪಕ್ಷೀಯವಾಗಿ ತೀರ್ಮಾನಿಸಲಾಗುವುದು ಸ್ವತ್ತಿನ ವಿವರ ಚಕ್ಕುಬಂದಿ ಪೂರ್ವಕ್ಕೆ ಪಶ್ಚಿಮಕ್ಕೆ ಉತ್ತರಕ್ಕೆ ದಕ್ಷಿಣಕ್ಕೆ ಕರ್ನಾಟಕ ರಾಜ್ಯ ಉಚ್ಚ ನ್ಯಾಯಾಲಯ ಸಾರ್ವಜನಿಕ ಸೂಚನೆ ಪ್ರಕಟಣೆ ದಾವೆ ವಿಚಾರಣೆ ಸಂಬಂಧ ವಾದಿ ಪ್ರತಿವಾದಿ ನ್ಯಾಯಾಲಯದ ಆದೇಶದಂತೆ
kppp.karnataka.gov.in
ಸಹಾಯಕ ಕೃಷಿ ನಿರ್ದೇಶಕರು, ಕುಂದಾಪುರ
ವಾಸಾ/ಜಾ/2026/32/26-27 ದಿ: 09.04.2026
ಕರ್ನಾಟಕ ಸರ್ಕಾರ ಅರಣ್ಯ ಇಲಾಖೆ
ಅರಣ್ಯ ಸಂರಕ್ಷಣಾಧಿಕಾರಿಯವರ ಕಛೇರಿ, ಕಾರ್ಯಯೋಜನೆ ಮತ್ತು ಮೋಜಣಿ, ಶಿವಮೊಗ್ಗ-577 204
Ph: 08182-250785 Email: cfworkingplansmg@gmail.com
ಸಂಖ್ಯೆ: ಕಾಯೋಮೋ/ಟೆಂಡರ್/2026-27	ದಿನಾಂಕ: 04.04.2026
ಇ-ಟೆಂಡರ್ ಪ್ರಕಟಣೆ
ಕರ್ನಾಟಕ ರಾಜ್ಯ ಉಚ್ಚ ನ್ಯಾಯಾಲಯ ಸಾರ್ವಜನಿಕ ಸೂಚನೆ ಪ್ರಕಟಣೆ ದಾವೆ ವಿಚಾರಣೆ ಸಂಬಂಧ ವಾದಿ ಪ್ರತಿವಾದಿ ನ್ಯಾಯಾಲಯದ ಆದೇಶದಂತೆ ಹಾಜರಾಗತಕ್ಕದ್ದು ತಪ್ಪಿದಲ್ಲಿ ಏಕಪಕ್ಷೀಯವಾಗಿ ತೀರ್ಮಾನಿಸಲಾಗುವುದು ಸ್ವತ್ತಿನ ವಿವರ ಚಕ್ಕುಬಂದಿ ಪೂರ್ವಕ್ಕೆ ಪಶ್ಚಿಮಕ್ಕೆ ಉತ್ತರಕ್ಕೆ ದಕ್ಷಿಣಕ್ಕೆ ಕರ್ನಾಟಕ ರಾಜ್ಯ ಉಚ್ಚ ನ್ಯಾಯಾಲಯ ಸಾರ್ವಜನಿಕ ಸೂಚನೆ ಪ್ರಕಟಣೆ ದಾವೆ ವಿಚಾರಣೆ ಸಂಬಂಧ ವಾದಿ ಪ್ರತಿವಾದಿ ನ್ಯಾಯಾಲಯದ ಆದೇಶದಂತೆ ಹಾಜರಾಗತಕ್ಕದ್ದು ಸ್ವತ್ತಿನ ವಿವರ ಕರ್ನಾಟಕ ರಾಜ್ಯ ಉಚ್ಚ ನ್ಯಾಯಾಲಯ ಸಾರ್ವಜನಿಕ ಸೂಚನೆ ಪ್ರಕಟಣೆ ದಾವೆ ವಿಚಾರಣೆ ಸಂಬಂಧ ವಾದಿ ಪ್ರತಿವಾದಿ ನ್ಯಾಯಾಲಯದ ಆದೇಶದಂತೆ ಹಾಜರಾಗತಕ್ಕದ್ದು ತಪ್ಪಿದಲ್ಲಿ ಏಕಪಕ್ಷೀಯವಾಗಿ ತೀರ್ಮಾನಿಸಲಾಗುವುದು ಸ್ವತ್ತಿನ ವಿವರ ಚಕ್ಕುಬಂದಿ ಪೂರ್ವಕ್ಕೆ ಪಶ್ಚಿಮಕ್ಕೆ ಉತ್ತರಕ್ಕೆ ದಕ್ಷಿಣಕ್ಕೆ ಕರ್ನಾಟಕ ರಾಜ್ಯ ಉಚ್ಚ ನ್ಯಾಯಾಲಯ ಸಾರ್ವಜನಿಕ ಸೂಚನೆ ಪ್ರಕಟಣೆ ದಾವೆ ವಿಚಾರಣೆ ಸಂಬಂಧ ವಾದಿ ಪ್ರತಿವಾದಿ ನ್ಯಾಯಾಲಯದ ಆದೇಶದಂತೆ
https://kppp.karnataka.gov.in
ಸಹಿ/- (ನಿಲಂಜನೆ ಫ್ಲೋರೆಸ್ ಪಾಟೀಲ್)
ಅರಣ್ಯ ಸಂರಕ್ಷಣಾಧಿಕಾರಿಗಳು, ಕಾರ್ಯಯೋಜನೆ ಮತ್ತು ಮೋಜಣಿ, ಶಿವಮೊಗ್ಗ
ವಾ.ಸಂ.ಇ.ಇ/ಜಾ/2026-27/31/04/06
ಕಾರ್ಯನಿರ್ವಾಹಕ ಅಭಿಯಂತರರ ಕಛೇರಿ,
ಕರ್ನಾಟಕ ನಗರ ನೀರು ಸರಬರಾಜು ಮತ್ತು ಒಳಚರಂಡಿ ಮಂಡಳಿ, ವಿಭಾಗ ಕಛೇರಿ, ಬಾಗಲಕೋಟೆ
ಜಲಭವನ, ನಿವೇಶನ ಸಂ. 4, 10ನೇ ಮುಖ್ಯ ರಸ್ತೆ, ಮೈಸೂರು-09.
Ph: 0821-2543552 E-Mail: kwbmysdiv@gmail.com
ಟೆಂಡರ್ ಅಧಿಸೂಚನೆ
ಕರ್ನಾಟಕ ರಾಜ್ಯ ಉಚ್ಚ ನ್ಯಾಯಾಲಯ ಸಾರ್ವಜನಿಕ ಸೂಚನೆ ಪ್ರಕಟಣೆ ದಾವೆ ವಿಚಾರಣೆ ಸಂಬಂಧ ವಾದಿ ಪ್ರತಿವಾದಿ ನ್ಯಾಯಾಲಯದ ಆದೇಶದಂತೆ ಹಾಜರಾಗತಕ್ಕದ್ದು ತಪ್ಪಿದಲ್ಲಿ ಏಕಪಕ್ಷೀಯವಾಗಿ ತೀರ್ಮಾನಿಸಲಾಗುವುದು ಸ್ವತ್ತಿನ ವಿವರ ಚಕ್ಕುಬಂದಿ ಪೂರ್ವಕ್ಕೆ ಪಶ್ಚಿಮಕ್ಕೆ ಉತ್ತರಕ್ಕೆ ದಕ್ಷಿಣಕ್ಕೆ ಕರ್ನಾಟಕ ರಾಜ್ಯ ಉಚ್ಚ ನ್ಯಾಯಾಲಯ ಸಾರ್ವಜನಿಕ ಸೂಚನೆ ಪ್ರಕಟಣೆ ದಾವೆ ವಿಚಾರಣೆ ಸಂಬಂಧ ವಾದಿ ಪ್ರತಿವಾದಿ ನ್ಯಾಯಾಲಯದ ಆದೇಶದಂತೆ ಹಾಜರಾಗತಕ್ಕದ್ದು ಸ್ವತ್ತಿನ ವಿವರ ಕರ್ನಾಟಕ ರಾಜ್ಯ ಉಚ್ಚ ನ್ಯಾಯಾಲಯ ಸಾರ್ವಜನಿಕ ಸೂಚನೆ ಪ್ರಕಟಣೆ ದಾವೆ ವಿಚಾರಣೆ ಸಂಬಂಧ ವಾದಿ ಪ್ರತಿವಾದಿ ನ್ಯಾಯಾಲಯದ ಆದೇಶದಂತೆ ಹಾಜರಾಗತಕ್ಕದ್ದು ತಪ್ಪಿದಲ್ಲಿ ಏಕಪಕ್ಷೀಯವಾಗಿ ತೀರ್ಮಾನಿಸಲಾಗುವುದು ಸ್ವತ್ತಿನ ವಿವರ ಚಕ್ಕುಬಂದಿ ಪೂರ್ವಕ್ಕೆ ಪಶ್ಚಿಮಕ್ಕೆ ಉತ್ತರಕ್ಕೆ ದಕ್ಷಿಣಕ್ಕೆ ಕರ್ನಾಟಕ ರಾಜ್ಯ ಉಚ್ಚ ನ್ಯಾಯಾಲಯ ಸಾರ್ವಜನಿಕ ಸೂಚನೆ ಪ್ರಕಟಣೆ ದಾವೆ ವಿಚಾರಣೆ ಸಂಬಂಧ ವಾದಿ ಪ್ರತಿವಾದಿ ನ್ಯಾಯಾಲಯದ ಆದೇಶದಂತೆ
https://kppp.karnataka.gov.in
ಸಹಿ/- ಕಾರ್ಯನಿರ್ವಾಹಕ ಅಭಿಯಂತರರು
DIPR/DDMYS/27/KSMCA/25/2026-27
ವಿಶ್ವೇಶ್ವರಯ್ಯ ತಾಂತ್ರಿಕ ವಿಶ್ವವಿದ್ಯಾಲಯ
'ಜ್ಞಾನ ಸಂಗಮ', ಬೆಳಗಾವಿ - 590018, ಕರ್ನಾಟಕ
ಸಂಖ್ಯೆ:ವಿತಾವಿ/ವಿ/ಕ್ರ/2026-27/ಟೆಂ.ಸಂ.05/120	ದಿನಾಂಕ: 08-04-2026
ಟೆಂಡರ್ ಪ್ರಕಟಣೆ
(ದ್ವಿ-ಲಕೋಟೆ ಪದ್ಧತಿ) (ಕೆ.ಪಿ.ಪಿ. ಪೋರ್ಟಲ್ ಮೂಲಕ ಮಾತ್ರ)
ಕರ್ನಾಟಕ ರಾಜ್ಯ ಉಚ್ಚ ನ್ಯಾಯಾಲಯ ಸಾರ್ವಜನಿಕ ಸೂಚನೆ ಪ್ರಕಟಣೆ ದಾವೆ ವಿಚಾರಣೆ ಸಂಬಂಧ ವಾದಿ ಪ್ರತಿವಾದಿ ನ್ಯಾಯಾಲಯದ ಆದೇಶದಂತೆ ಹಾಜರಾಗತಕ್ಕದ್ದು ತಪ್ಪಿದಲ್ಲಿ ಏಕಪಕ್ಷೀಯವಾಗಿ ತೀರ್ಮಾನಿಸಲಾಗುವುದು ಸ್ವತ್ತಿನ ವಿವರ ಚಕ್ಕುಬಂದಿ ಪೂರ್ವಕ್ಕೆ ಪಶ್ಚಿಮಕ್ಕೆ ಉತ್ತರಕ್ಕೆ ದಕ್ಷಿಣಕ್ಕೆ ಕರ್ನಾಟಕ ರಾಜ್ಯ ಉಚ್ಚ ನ್ಯಾಯಾಲಯ ಸಾರ್ವಜನಿಕ ಸೂಚನೆ ಪ್ರಕಟಣೆ ದಾವೆ ವಿಚಾರಣೆ ಸಂಬಂಧ ವಾದಿ ಪ್ರತಿವಾದಿ ನ್ಯಾಯಾಲಯದ ಆದೇಶದಂತೆ ಹಾಜರಾಗತಕ್ಕದ್ದು ಸ್ವತ್ತಿನ ವಿವರ ಕರ್ನಾಟಕ ರಾಜ್ಯ ಉಚ್ಚ ನ್ಯಾಯಾಲಯ ಸಾರ್ವಜನಿಕ ಸೂಚನೆ ಪ್ರಕಟಣೆ ದಾವೆ ವಿಚಾರಣೆ ಸಂಬಂಧ ವಾದಿ ಪ್ರತಿವಾದಿ ನ್ಯಾಯಾಲಯದ ಆದೇಶದಂತೆ ಹಾಜರಾಗತಕ್ಕದ್ದು ತಪ್ಪಿದಲ್ಲಿ ಏಕಪಕ್ಷೀಯವಾಗಿ ತೀರ್ಮಾನಿಸಲಾಗುವುದು ಸ್ವತ್ತಿನ ವಿವರ ಚಕ್ಕುಬಂದಿ ಪೂರ್ವಕ್ಕೆ ಪಶ್ಚಿಮಕ್ಕೆ ಉತ್ತರಕ್ಕೆ ದಕ್ಷಿಣಕ್ಕೆ ಕರ್ನಾಟಕ ರಾಜ್ಯ ಉಚ್ಚ ನ್ಯಾಯಾಲಯ ಸಾರ್ವಜನಿಕ ಸೂಚನೆ ಪ್ರಕಟಣೆ ದಾವೆ ವಿಚಾರಣೆ ಸಂಬಂಧ ವಾದಿ ಪ್ರತಿವಾದಿ ನ್ಯಾಯಾಲಯದ ಆದೇಶದಂತೆ
https://kppp.karnataka.gov.in
ಕುಲಸಚಿವರು, ವಿಶ್ವೇಶ್ವರಯ್ಯ ತಾಂತ್ರಿಕ ವಿಶ್ವವಿದ್ಯಾಲಯ, ಬೆಳಗಾವಿ
ಕರ್ನಾಟಕ ನೀರಾವರಿ ನಿಗಮ ನಿಯಮಿತ
(ಕರ್ನಾಟಕ ಸರ್ಕಾರದ ಒಂದು ಉದ್ಯಮ)
ಸಂ: ಕಾ.ಇ/ಕೃ.ಪ್ರ.ಆ/ಕ.ವಿ/ಸ್ವ-1/4701	ದಿನಾಂಕ: 08.04.2026
ಅಲ್ಪಾವಧಿ ಟೆಂಡರ್ ಪ್ರಕಟಣೆ
(ಕೆ.ಪಿ.ಪಿ.ಪೋರ್ಟಲ್‌ನ ಮೂಲಕ ಮಾತ್ರ)
ಕರ್ನಾಟಕ ರಾಜ್ಯ ಉಚ್ಚ ನ್ಯಾಯಾಲಯ ಸಾರ್ವಜನಿಕ ಸೂಚನೆ ಪ್ರಕಟಣೆ ದಾವೆ ವಿಚಾರಣೆ ಸಂಬಂಧ ವಾದಿ ಪ್ರತಿವಾದಿ ನ್ಯಾಯಾಲಯದ ಆದೇಶದಂತೆ ಹಾಜರಾಗತಕ್ಕದ್ದು ತಪ್ಪಿದಲ್ಲಿ ಏಕಪಕ್ಷೀಯವಾಗಿ ತೀರ್ಮಾನಿಸಲಾಗುವುದು ಸ್ವತ್ತಿನ ವಿವರ ಚಕ್ಕುಬಂದಿ ಪೂರ್ವಕ್ಕೆ ಪಶ್ಚಿಮಕ್ಕೆ ಉತ್ತರಕ್ಕೆ ದಕ್ಷಿಣಕ್ಕೆ ಕರ್ನಾಟಕ ರಾಜ್ಯ ಉಚ್ಚ ನ್ಯಾಯಾಲಯ ಸಾರ್ವಜನಿಕ ಸೂಚನೆ ಪ್ರಕಟಣೆ ದಾವೆ ವಿಚಾರಣೆ ಸಂಬಂಧ ವಾದಿ ಪ್ರತಿವಾದಿ ನ್ಯಾಯಾಲಯದ ಆದೇಶದಂತೆ ಹಾಜರಾಗತಕ್ಕದ್ದು ಸ್ವತ್ತಿನ ವಿವರ ಕರ್ನಾಟಕ ರಾಜ್ಯ ಉಚ್ಚ ನ್ಯಾಯಾಲಯ ಸಾರ್ವಜನಿಕ ಸೂಚನೆ ಪ್ರಕಟಣೆ ದಾವೆ ವಿಚಾರಣೆ ಸಂಬಂಧ ವಾದಿ ಪ್ರತಿವಾದಿ ನ್ಯಾಯಾಲಯದ ಆದೇಶದಂತೆ ಹಾಜರಾಗತಕ್ಕದ್ದು ತಪ್ಪಿದಲ್ಲಿ ಏಕಪಕ್ಷೀಯವಾಗಿ ತೀರ್ಮಾನಿಸಲಾಗುವುದು ಸ್ವತ್ತಿನ ವಿವರ ಚಕ್ಕುಬಂದಿ ಪೂರ್ವಕ್ಕೆ ಪಶ್ಚಿಮಕ್ಕೆ ಉತ್ತರಕ್ಕೆ ದಕ್ಷಿಣಕ್ಕೆ ಕರ್ನಾಟಕ ರಾಜ್ಯ ಉಚ್ಚ ನ್ಯಾಯಾಲಯ ಸಾರ್ವಜನಿಕ ಸೂಚನೆ ಪ್ರಕಟಣೆ ದಾವೆ ವಿಚಾರಣೆ ಸಂಬಂಧ ವಾದಿ ಪ್ರತಿವಾದಿ ನ್ಯಾಯಾಲಯದ ಆದೇಶದಂತೆ
ರೂ. 97.40 ಲಕ್ಷಗಳು / ರೂ. 1,95,000/-
ದೂರವಾಣಿ: 8660573513.
ಕಾರ್ಯಪಾಲಕ ಅಭಿಯಂತರರು
ಕರ್ನಾಟಕ ಸರ್ಕಾರ
ಆಯುಷ್ ಇಲಾಖೆ ದಕ್ಷಿಣ ಕನ್ನಡ
50 ಹಾಸಿಗೆಗಳ ಸಂಯುಕ್ತ ಆಯುಷ್ ಆಸ್ಪತ್ರೆ, ವೆನ್‌ಲಾಕ್ ಆಸ್ಪತ್ರೆ ಆವರಣ, ಹಂಪನಕಟ್ಟೆ, ಮಂಗಳೂರು-575001
ದೂರವಾಣಿ: 0824-2446227 E-Mail: gahwenlockadm.dkn@gmail.com
ಸಂಖ್ಯೆ: ಆಆಇ/ಮಂ/ಟೆಂ.ಸ್ಟ್.ಟೆಂ/07/2026-27	ದಿನಾಂಕ: 09.04.2026
ಇ-ಟೆಂಡರ್ ಪ್ರಕಟಣೆ
ಕರ್ನಾಟಕ ರಾಜ್ಯ ಉಚ್ಚ ನ್ಯಾಯಾಲಯ ಸಾರ್ವಜನಿಕ ಸೂಚನೆ ಪ್ರಕಟಣೆ ದಾವೆ ವಿಚಾರಣೆ ಸಂಬಂಧ ವಾದಿ ಪ್ರತಿವಾದಿ ನ್ಯಾಯಾಲಯದ ಆದೇಶದಂತೆ ಹಾಜರಾಗತಕ್ಕದ್ದು ತಪ್ಪಿದಲ್ಲಿ ಏಕಪಕ್ಷೀಯವಾಗಿ ತೀರ್ಮಾನಿಸಲಾಗುವುದು ಸ್ವತ್ತಿನ ವಿವರ ಚಕ್ಕುಬಂದಿ ಪೂರ್ವಕ್ಕೆ ಪಶ್ಚಿಮಕ್ಕೆ ಉತ್ತರಕ್ಕೆ ದಕ್ಷಿಣಕ್ಕೆ ಕರ್ನಾಟಕ ರಾಜ್ಯ ಉಚ್ಚ ನ್ಯಾಯಾಲಯ ಸಾರ್ವಜನಿಕ ಸೂಚನೆ ಪ್ರಕಟಣೆ ದಾವೆ ವಿಚಾರಣೆ ಸಂಬಂಧ ವಾದಿ ಪ್ರತಿವಾದಿ ನ್ಯಾಯಾಲಯದ ಆದೇಶದಂತೆ ಹಾಜರಾಗತಕ್ಕದ್ದು ಸ್ವತ್ತಿನ ವಿವರ ಕರ್ನಾಟಕ ರಾಜ್ಯ ಉಚ್ಚ ನ್ಯಾಯಾಲಯ ಸಾರ್ವಜನಿಕ ಸೂಚನೆ ಪ್ರಕಟಣೆ ದಾವೆ ವಿಚಾರಣೆ ಸಂಬಂಧ ವಾದಿ ಪ್ರತಿವಾದಿ ನ್ಯಾಯಾಲಯದ ಆದೇಶದಂತೆ ಹಾಜರಾಗತಕ್ಕದ್ದು ತಪ್ಪಿದಲ್ಲಿ ಏಕಪಕ್ಷೀಯವಾಗಿ ತೀರ್ಮಾನಿಸಲಾಗುವುದು ಸ್ವತ್ತಿನ ವಿವರ ಚಕ್ಕುಬಂದಿ ಪೂರ್ವಕ್ಕೆ ಪಶ್ಚಿಮಕ್ಕೆ ಉತ್ತರಕ್ಕೆ ದಕ್ಷಿಣಕ್ಕೆ ಕರ್ನಾಟಕ ರಾಜ್ಯ ಉಚ್ಚ ನ್ಯಾಯಾಲಯ ಸಾರ್ವಜನಿಕ ಸೂಚನೆ ಪ್ರಕಟಣೆ ದಾವೆ ವಿಚಾರಣೆ ಸಂಬಂಧ ವಾದಿ ಪ್ರತಿವಾದಿ ನ್ಯಾಯಾಲಯದ ಆದೇಶದಂತೆ
ವೈದ್ಯಕೀಯ ಅಧೀಕ್ಷಕರು (ಪ್ರಭಾರ)
DIPR/DKM/PL/57/26-27
ಕರ್ನಾಟಕ ಸರ್ಕಾರ
ಆರೋಗ್ಯ ಮತ್ತು ಕುಟುಂಬ ಕಲ್ಯಾಣ ಇಲಾಖೆ ಆರೋಗ್ಯ ಇಂಜಿನಿಯರಿಂಗ್ ಘಟಕ, ಕಾರ್ಯನಿರ್ವಾಹಕ ಅಭಿಯಂತರರ ಕಛೇರಿ, ಆರ್.ಕೆ.ಕ.ಇ.ಘ ವಿಭಾಗ, ಧಾರವಾಡ-580008
ದೂರವಾಣಿ ಸಂಖ್ಯೆ : 0836 - 2955800
(E-Mail : eehfwedvndwdl@gmail.com)
ಸಂಖ್ಯೆ: ಕಾಇ/ಆ.ಕು.ಕ/ವಿಧಾ/ಅಲ್ಪಾ/ಟೆಂ-8/17/26-27	ದಿನಾಂಕ: 08.04.2026
ಅಲ್ಪಾವಧಿ ಟೆಂಡರ್ ಪ್ರಕಟಣೆ (Through KPP Portal only)
ಕರ್ನಾಟಕ ರಾಜ್ಯ ಉಚ್ಚ ನ್ಯಾಯಾಲಯ ಸಾರ್ವಜನಿಕ ಸೂಚನೆ ಪ್ರಕಟಣೆ ದಾವೆ ವಿಚಾರಣೆ ಸಂಬಂಧ ವಾದಿ ಪ್ರತಿವಾದಿ ನ್ಯಾಯಾಲಯದ ಆದೇಶದಂತೆ ಹಾಜರಾಗತಕ್ಕದ್ದು ತಪ್ಪಿದಲ್ಲಿ ಏಕಪಕ್ಷೀಯವಾಗಿ ತೀರ್ಮಾನಿಸಲಾಗುವುದು ಸ್ವತ್ತಿನ ವಿವರ ಚಕ್ಕುಬಂದಿ ಪೂರ್ವಕ್ಕೆ ಪಶ್ಚಿಮಕ್ಕೆ ಉತ್ತರಕ್ಕೆ ದಕ್ಷಿಣಕ್ಕೆ ಕರ್ನಾಟಕ ರಾಜ್ಯ ಉಚ್ಚ ನ್ಯಾಯಾಲಯ ಸಾರ್ವಜನಿಕ ಸೂಚನೆ ಪ್ರಕಟಣೆ ದಾವೆ ವಿಚಾರಣೆ ಸಂಬಂಧ ವಾದಿ ಪ್ರತಿವಾದಿ ನ್ಯಾಯಾಲಯದ ಆದೇಶದಂತೆ ಹಾಜರಾಗತಕ್ಕದ್ದು ಸ್ವತ್ತಿನ ವಿವರ ಕರ್ನಾಟಕ ರಾಜ್ಯ ಉಚ್ಚ ನ್ಯಾಯಾಲಯ ಸಾರ್ವಜನಿಕ ಸೂಚನೆ ಪ್ರಕಟಣೆ ದಾವೆ ವಿಚಾರಣೆ ಸಂಬಂಧ ವಾದಿ ಪ್ರತಿವಾದಿ ನ್ಯಾಯಾಲಯದ ಆದೇಶದಂತೆ ಹಾಜರಾಗತಕ್ಕದ್ದು ತಪ್ಪಿದಲ್ಲಿ ಏಕಪಕ್ಷೀಯವಾಗಿ ತೀರ್ಮಾನಿಸಲಾಗುವುದು ಸ್ವತ್ತಿನ ವಿವರ ಚಕ್ಕುಬಂದಿ ಪೂರ್ವಕ್ಕೆ ಪಶ್ಚಿಮಕ್ಕೆ ಉತ್ತರಕ್ಕೆ ದಕ್ಷಿಣಕ್ಕೆ ಕರ್ನಾಟಕ ರಾಜ್ಯ ಉಚ್ಚ ನ್ಯಾಯಾಲಯ ಸಾರ್ವಜನಿಕ ಸೂಚನೆ ಪ್ರಕಟಣೆ ದಾವೆ ವಿಚಾರಣೆ ಸಂಬಂಧ ವಾದಿ ಪ್ರತಿವಾದಿ ನ್ಯಾಯಾಲಯದ ಆದೇಶದಂತೆ
www.kppp.karnataka.gov.in
ಕಾರ್ಯನಿರ್ವಾಹಕ ಅಭಿಯಂತರರು
ವಾಸಂಇ/ಧಾವ/ಜಿಪ/ಪ್ರಕ/40/2026-27
UJJIVAN SMALL FINANCE BANK
ಸ್ವಾಧೀನ ನೋಟೀಸ್
ಕರ್ನಾಟಕ ರಾಜ್ಯ ಉಚ್ಚ ನ್ಯಾಯಾಲಯ ಸಾರ್ವಜನಿಕ ಸೂಚನೆ ಪ್ರಕಟಣೆ ದಾವೆ ವಿಚಾರಣೆ ಸಂಬಂಧ ವಾದಿ ಪ್ರತಿವಾದಿ ನ್ಯಾಯಾಲಯದ ಆದೇಶದಂತೆ ಹಾಜರಾಗತಕ್ಕದ್ದು ತಪ್ಪಿದಲ್ಲಿ ಏಕಪಕ್ಷೀಯವಾಗಿ ತೀರ್ಮಾನಿಸಲಾಗುವುದು ಸ್ವತ್ತಿನ ವಿವರ ಚಕ್ಕುಬಂದಿ ಪೂರ್ವಕ್ಕೆ ಪಶ್ಚಿಮಕ್ಕೆ ಉತ್ತರಕ್ಕೆ ದಕ್ಷಿಣಕ್ಕೆ ಕರ್ನಾಟಕ ರಾಜ್ಯ ಉಚ್ಚ ನ್ಯಾಯಾಲಯ ಸಾರ್ವಜನಿಕ ಸೂಚನೆ ಪ್ರಕಟಣೆ ದಾವೆ ವಿಚಾರಣೆ ಸಂಬಂಧ ವಾದಿ ಪ್ರತಿವಾದಿ ನ್ಯಾಯಾಲಯದ ಆದೇಶದಂತೆ ಹಾಜರಾಗತಕ್ಕದ್ದು ಸ್ವತ್ತಿನ ವಿವರ ಕರ್ನಾಟಕ ರಾಜ್ಯ ಉಚ್ಚ ನ್ಯಾಯಾಲಯ ಸಾರ್ವಜನಿಕ ಸೂಚನೆ ಪ್ರಕಟಣೆ ದಾವೆ ವಿಚಾರಣೆ ಸಂಬಂಧ ವಾದಿ ಪ್ರತಿವಾದಿ ನ್ಯಾಯಾಲಯದ ಆದೇಶದಂತೆ ಹಾಜರಾಗತಕ್ಕದ್ದು ತಪ್ಪಿದಲ್ಲಿ ಏಕಪಕ್ಷೀಯವಾಗಿ ತೀರ್ಮಾನಿಸಲಾಗುವುದು ಸ್ವತ್ತಿನ ವಿವರ ಚಕ್ಕುಬಂದಿ ಪೂರ್ವಕ್ಕೆ ಪಶ್ಚಿಮಕ್ಕೆ ಉತ್ತರಕ್ಕೆ ದಕ್ಷಿಣಕ್ಕೆ ಕರ್ನಾಟಕ ರಾಜ್ಯ ಉಚ್ಚ ನ್ಯಾಯಾಲಯ ಸಾರ್ವಜನಿಕ ಸೂಚನೆ ಪ್ರಕಟಣೆ ದಾವೆ ವಿಚಾರಣೆ ಸಂಬಂಧ ವಾದಿ ಪ್ರತಿವಾದಿ ನ್ಯಾಯಾಲಯದ ಆದೇಶದಂತೆ
ಜಿಲ್ಲಾಧಿಕಾರಿಗಳ ಕಾರ್ಯಾಲಯ
ಜಿಲ್ಲಾ ನಗರಾಭಿವೃದ್ಧಿ ಕೋಶ, ವಿಜಯಪುರ
ದೂರವಾಣಿ ಸಂ: 08352-259855,
ಇ-ಮೇಲ್:ltstaff_dudc_bijapur@yahoo.co.in
dudc_bjp@yahoo.co.in, ka.vijayapura.dudc@gmail.com
ವೆಬ್‌ಸೈಟ್: www.vijayapurudc.mrc.gov.in
ಕ್ರ.ಸಂ.ಜಿನಕೋ/ಸರ್ಕಾರ/ಆರ್‌ಪಿ/2025-26/10	ದಿನಾಂಕ:02.04.2026
ಅಲ್ಪಾವಧಿ ಟೆಂಡರ್ ಅಧಿಸೂಚನೆ
ಕರ್ನಾಟಕ ರಾಜ್ಯ ಉಚ್ಚ ನ್ಯಾಯಾಲಯ ಸಾರ್ವಜನಿಕ ಸೂಚನೆ ಪ್ರಕಟಣೆ ದಾವೆ ವಿಚಾರಣೆ ಸಂಬಂಧ ವಾದಿ ಪ್ರತಿವಾದಿ ನ್ಯಾಯಾಲಯದ ಆದೇಶದಂತೆ ಹಾಜರಾಗತಕ್ಕದ್ದು ತಪ್ಪಿದಲ್ಲಿ ಏಕಪಕ್ಷೀಯವಾಗಿ ತೀರ್ಮಾನಿಸಲಾಗುವುದು ಸ್ವತ್ತಿನ ವಿವರ ಚಕ್ಕುಬಂದಿ ಪೂರ್ವಕ್ಕೆ ಪಶ್ಚಿಮಕ್ಕೆ ಉತ್ತರಕ್ಕೆ ದಕ್ಷಿಣಕ್ಕೆ ಕರ್ನಾಟಕ ರಾಜ್ಯ ಉಚ್ಚ ನ್ಯಾಯಾಲಯ ಸಾರ್ವಜನಿಕ ಸೂಚನೆ ಪ್ರಕಟಣೆ ದಾವೆ ವಿಚಾರಣೆ ಸಂಬಂಧ ವಾದಿ ಪ್ರತಿವಾದಿ ನ್ಯಾಯಾಲಯದ ಆದೇಶದಂತೆ ಹಾಜರಾಗತಕ್ಕದ್ದು ಸ್ವತ್ತಿನ ವಿವರ ಕರ್ನಾಟಕ ರಾಜ್ಯ ಉಚ್ಚ ನ್ಯಾಯಾಲಯ ಸಾರ್ವಜನಿಕ ಸೂಚನೆ ಪ್ರಕಟಣೆ ದಾವೆ ವಿಚಾರಣೆ ಸಂಬಂಧ ವಾದಿ ಪ್ರತಿವಾದಿ ನ್ಯಾಯಾಲಯದ ಆದೇಶದಂತೆ ಹಾಜರಾಗತಕ್ಕದ್ದು ತಪ್ಪಿದಲ್ಲಿ ಏಕಪಕ್ಷೀಯವಾಗಿ ತೀರ್ಮಾನಿಸಲಾಗುವುದು ಸ್ವತ್ತಿನ ವಿವರ ಚಕ್ಕುಬಂದಿ ಪೂರ್ವಕ್ಕೆ ಪಶ್ಚಿಮಕ್ಕೆ ಉತ್ತರಕ್ಕೆ ದಕ್ಷಿಣಕ್ಕೆ ಕರ್ನಾಟಕ ರಾಜ್ಯ ಉಚ್ಚ ನ್ಯಾಯಾಲಯ ಸಾರ್ವಜನಿಕ ಸೂಚನೆ ಪ್ರಕಟಣೆ ದಾವೆ ವಿಚಾರಣೆ ಸಂಬಂಧ ವಾದಿ ಪ್ರತಿವಾದಿ ನ್ಯಾಯಾಲಯದ ಆದೇಶದಂತೆ
www.kppp.karnataka.gov.in
No: DMA/2025-26/SE7356/CALL-2
1) ಟೆಂಡರ್ ಶುಲ್ಕದ ದಿನಾಂಕ: 09.04.2026 ರಿಂದ
ಸಾಯಂಕಾಲ 5.00 ಘಂಟೆಯವರೆಗೆ.
2) ಟೆಂಡರ್ ತೆರೆಯುವ ದಿನಾಂಕ : 28.04.2026 ರಂದು ಸಾಯಂಕಾಲ
5.30 ಘಂಟೆ.
ಯೋಜನಾ ನಿರ್ದೇಶಕರು, ಜಿಲ್ಲಾ ನಗರಾಭಿವೃದ್ಧಿ ಕೋಶ, ವಿಜಯಪುರ
